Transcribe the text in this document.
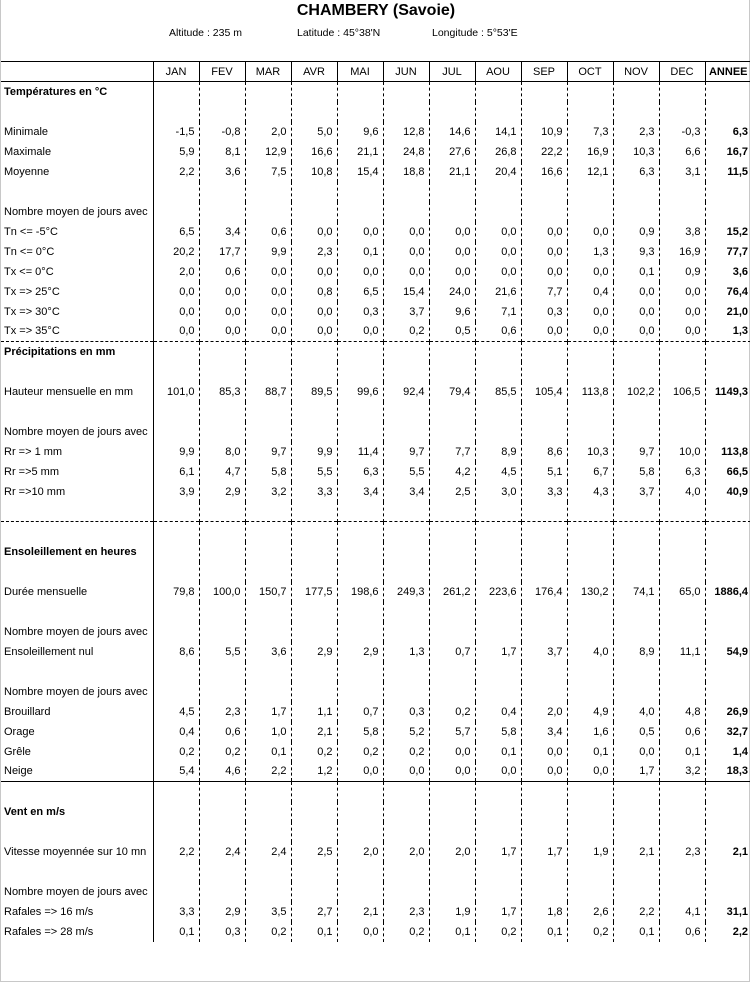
CHAMBERY (Savoie)
Altitude : 235 m	Latitude : 45°38'N	Longitude : 5°53'E
	JAN	FEV	MAR	AVR	MAI	JUN	JUL	AOU	SEP	OCT	NOV	DEC	ANNEE
Températures en °C													

Minimale	-1,5	-0,8	2,0	5,0	9,6	12,8	14,6	14,1	10,9	7,3	2,3	-0,3	6,3
Maximale	5,9	8,1	12,9	16,6	21,1	24,8	27,6	26,8	22,2	16,9	10,3	6,6	16,7
Moyenne	2,2	3,6	7,5	10,8	15,4	18,8	21,1	20,4	16,6	12,1	6,3	3,1	11,5

Nombre moyen de jours avec													
Tn <= -5°C	6,5	3,4	0,6	0,0	0,0	0,0	0,0	0,0	0,0	0,0	0,9	3,8	15,2
Tn <= 0°C	20,2	17,7	9,9	2,3	0,1	0,0	0,0	0,0	0,0	1,3	9,3	16,9	77,7
Tx <= 0°C	2,0	0,6	0,0	0,0	0,0	0,0	0,0	0,0	0,0	0,0	0,1	0,9	3,6
Tx => 25°C	0,0	0,0	0,0	0,8	6,5	15,4	24,0	21,6	7,7	0,4	0,0	0,0	76,4
Tx => 30°C	0,0	0,0	0,0	0,0	0,3	3,7	9,6	7,1	0,3	0,0	0,0	0,0	21,0
Tx => 35°C	0,0	0,0	0,0	0,0	0,0	0,2	0,5	0,6	0,0	0,0	0,0	0,0	1,3
Précipitations en mm													

Hauteur mensuelle en mm	101,0	85,3	88,7	89,5	99,6	92,4	79,4	85,5	105,4	113,8	102,2	106,5	1149,3

Nombre moyen de jours avec													
Rr => 1 mm	9,9	8,0	9,7	9,9	11,4	9,7	7,7	8,9	8,6	10,3	9,7	10,0	113,8
Rr =>5 mm	6,1	4,7	5,8	5,5	6,3	5,5	4,2	4,5	5,1	6,7	5,8	6,3	66,5
Rr =>10 mm	3,9	2,9	3,2	3,3	3,4	3,4	2,5	3,0	3,3	4,3	3,7	4,0	40,9

Ensoleillement en heures													

Durée mensuelle	79,8	100,0	150,7	177,5	198,6	249,3	261,2	223,6	176,4	130,2	74,1	65,0	1886,4

Nombre moyen de jours avec													
Ensoleillement nul	8,6	5,5	3,6	2,9	2,9	1,3	0,7	1,7	3,7	4,0	8,9	11,1	54,9

Nombre moyen de jours avec													
Brouillard	4,5	2,3	1,7	1,1	0,7	0,3	0,2	0,4	2,0	4,9	4,0	4,8	26,9
Orage	0,4	0,6	1,0	2,1	5,8	5,2	5,7	5,8	3,4	1,6	0,5	0,6	32,7
Grêle	0,2	0,2	0,1	0,2	0,2	0,2	0,0	0,1	0,0	0,1	0,0	0,1	1,4
Neige	5,4	4,6	2,2	1,2	0,0	0,0	0,0	0,0	0,0	0,0	1,7	3,2	18,3

Vent en m/s													

Vitesse moyennée sur 10 mn	2,2	2,4	2,4	2,5	2,0	2,0	2,0	1,7	1,7	1,9	2,1	2,3	2,1

Nombre moyen de jours avec													
Rafales => 16 m/s	3,3	2,9	3,5	2,7	2,1	2,3	1,9	1,7	1,8	2,6	2,2	4,1	31,1
Rafales => 28 m/s	0,1	0,3	0,2	0,1	0,0	0,2	0,1	0,2	0,1	0,2	0,1	0,6	2,2
